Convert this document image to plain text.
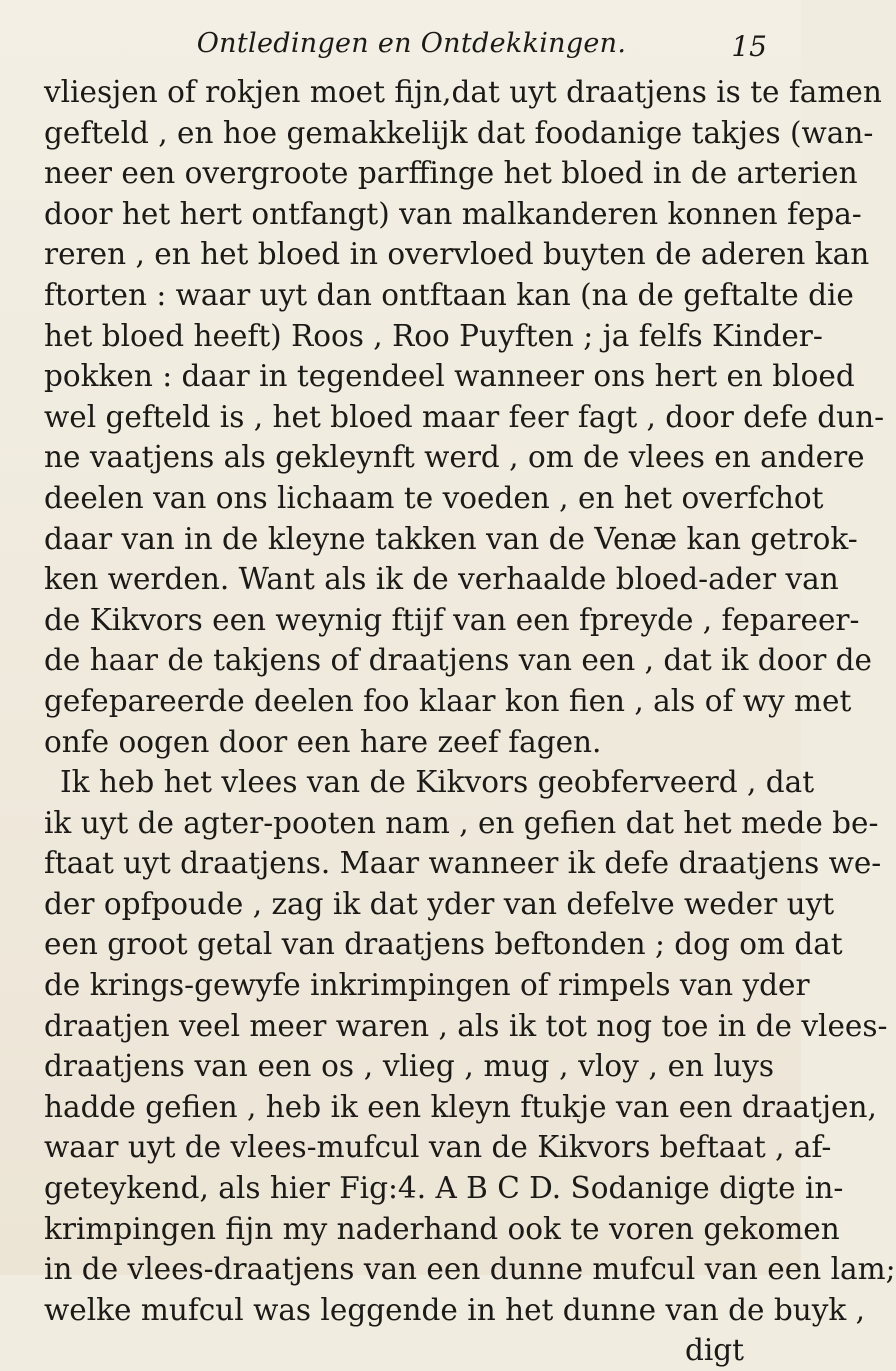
Ontledingen en Ontdekkingen.	15
vliesjen of rokjen moet fijn,dat uyt draatjens is te famen
gefteld , en hoe gemakkelijk dat foodanige takjes (wan-
neer een overgroote parffinge het bloed in de arterien
door het hert ontfangt) van malkanderen konnen fepa-
reren , en het bloed in overvloed buyten de aderen kan
ftorten : waar uyt dan ontftaan kan (na de geftalte die
het bloed heeft) Roos , Roo Puyften ; ja felfs Kinder-
pokken : daar in tegendeel wanneer ons hert en bloed
wel gefteld is , het bloed maar feer fagt , door defe dun-
ne vaatjens als gekleynft werd , om de vlees en andere
deelen van ons lichaam te voeden , en het overfchot
daar van in de kleyne takken van de Venæ kan getrok-
ken werden. Want als ik de verhaalde bloed-ader van
de Kikvors een weynig ftijf van een fpreyde , fepareer-
de haar de takjens of draatjens van een , dat ik door de
gefepareerde deelen foo klaar kon fien , als of wy met
onfe oogen door een hare zeef fagen.
Ik heb het vlees van de Kikvors geobferveerd , dat
ik uyt de agter-pooten nam , en gefien dat het mede be-
ftaat uyt draatjens. Maar wanneer ik defe draatjens we-
der opfpoude , zag ik dat yder van defelve weder uyt
een groot getal van draatjens beftonden ; dog om dat
de krings-gewyfe inkrimpingen of rimpels van yder
draatjen veel meer waren , als ik tot nog toe in de vlees-
draatjens van een os , vlieg , mug , vloy , en luys
hadde gefien , heb ik een kleyn ftukje van een draatjen,
waar uyt de vlees-mufcul van de Kikvors beftaat , af-
geteykend, als hier Fig:4. A B C D. Sodanige digte in-
krimpingen fijn my naderhand ook te voren gekomen
in de vlees-draatjens van een dunne mufcul van een lam;
welke mufcul was leggende in het dunne van de buyk ,
digt
